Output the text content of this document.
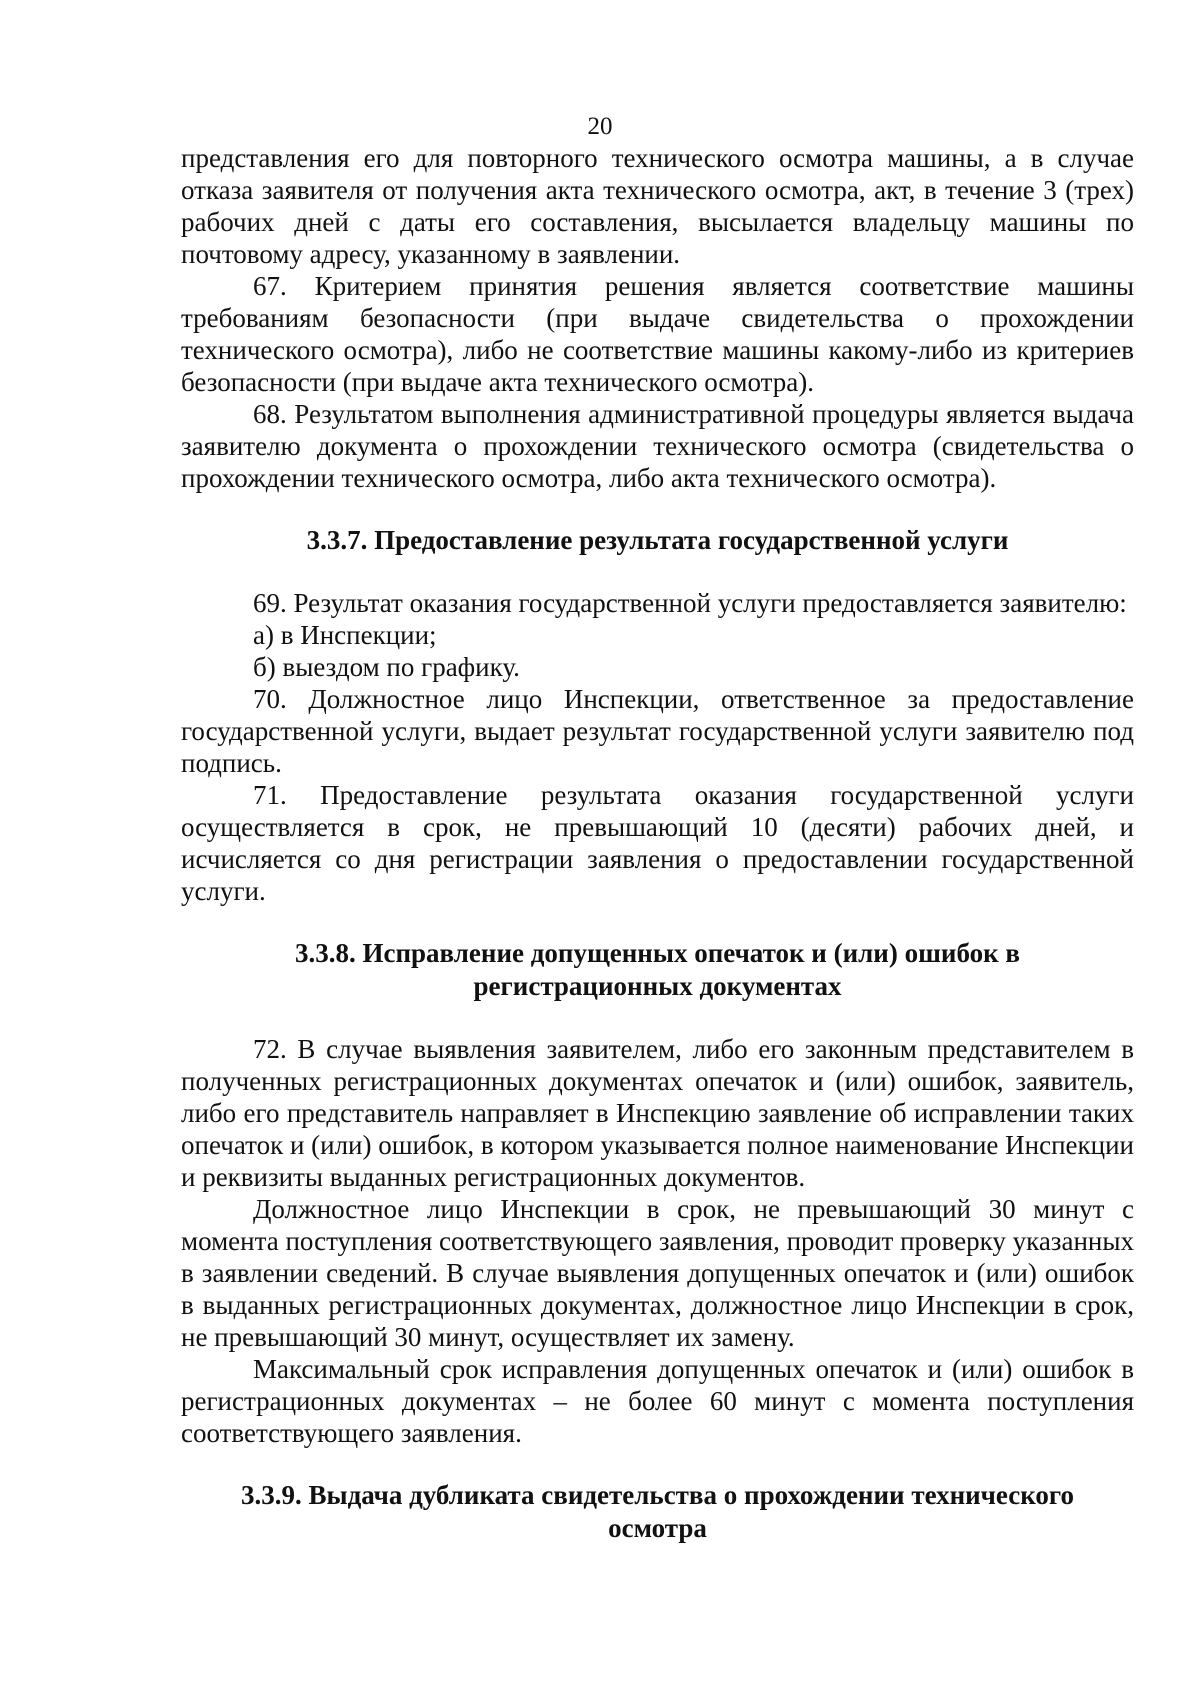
20

представления его для повторного технического осмотра машины, а в случае отказа заявителя от получения акта технического осмотра, акт, в течение 3 (трех) рабочих дней с даты его составления, высылается владельцу машины по почтовому адресу, указанному в заявлении.

67. Критерием принятия решения является соответствие машины требованиям безопасности (при выдаче свидетельства о прохождении технического осмотра), либо не соответствие машины какому-либо из критериев безопасности (при выдаче акта технического осмотра).

68. Результатом выполнения административной процедуры является выдача заявителю документа о прохождении технического осмотра (свидетельства о прохождении технического осмотра, либо акта технического осмотра).

3.3.7. Предоставление результата государственной услуги

69. Результат оказания государственной услуги предоставляется заявителю:

а) в Инспекции;

б) выездом по графику.

70. Должностное лицо Инспекции, ответственное за предоставление государственной услуги, выдает результат государственной услуги заявителю под подпись.

71. Предоставление результата оказания государственной услуги осуществляется в срок, не превышающий 10 (десяти) рабочих дней, и исчисляется со дня регистрации заявления о предоставлении государственной услуги.

3.3.8. Исправление допущенных опечаток и (или) ошибок в регистрационных документах

72. В случае выявления заявителем, либо его законным представителем в полученных регистрационных документах опечаток и (или) ошибок, заявитель, либо его представитель направляет в Инспекцию заявление об исправлении таких опечаток и (или) ошибок, в котором указывается полное наименование Инспекции и реквизиты выданных регистрационных документов.

Должностное лицо Инспекции в срок, не превышающий 30 минут с момента поступления соответствующего заявления, проводит проверку указанных в заявлении сведений. В случае выявления допущенных опечаток и (или) ошибок в выданных регистрационных документах, должностное лицо Инспекции в срок, не превышающий 30 минут, осуществляет их замену.

Максимальный срок исправления допущенных опечаток и (или) ошибок в регистрационных документах – не более 60 минут с момента поступления соответствующего заявления.

3.3.9. Выдача дубликата свидетельства о прохождении технического осмотра
